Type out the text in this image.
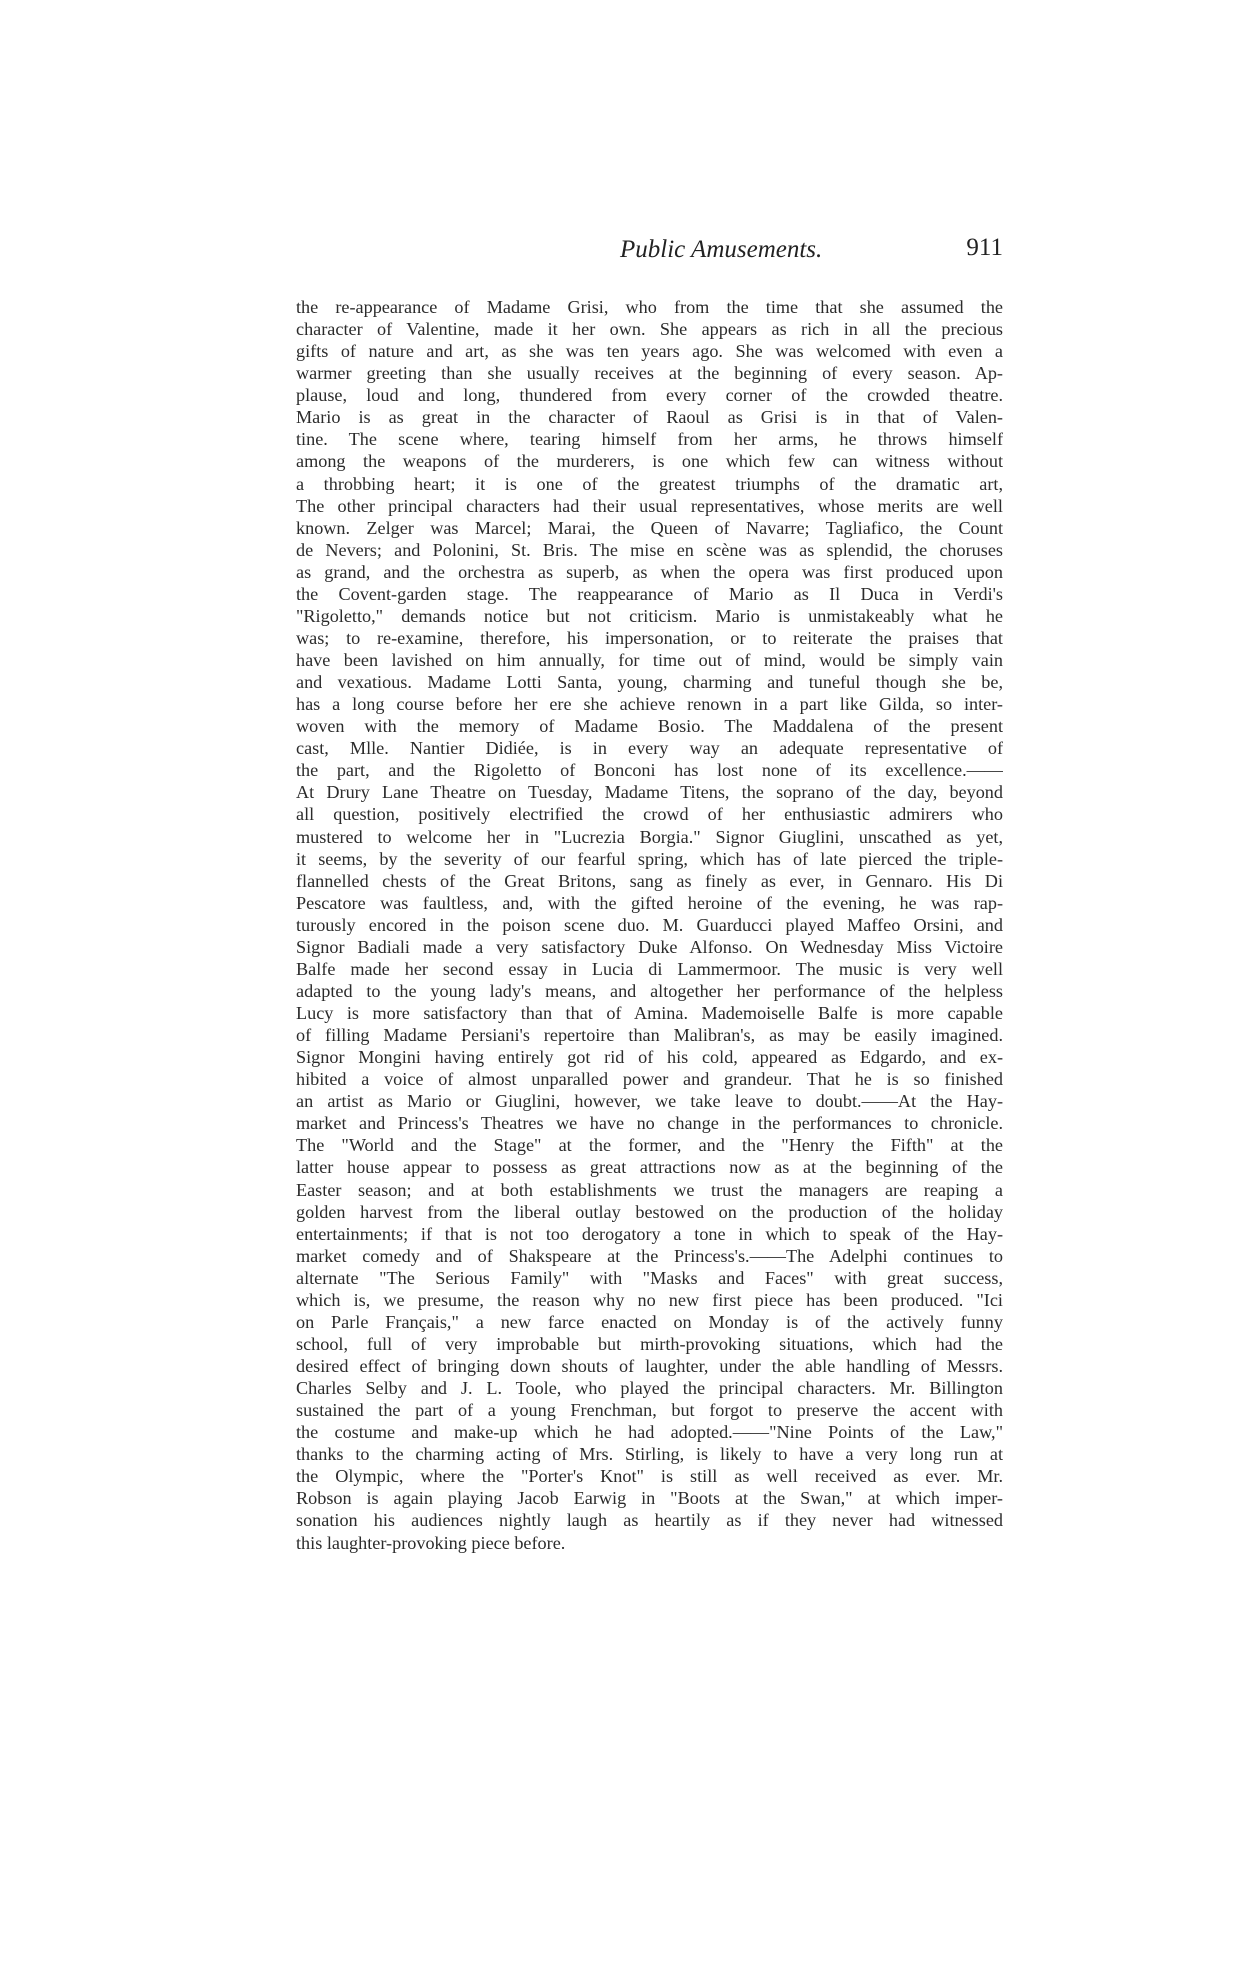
Public Amusements.	911
the re-appearance of Madame Grisi, who from the time that she assumed the
character of Valentine, made it her own. She appears as rich in all the precious
gifts of nature and art, as she was ten years ago. She was welcomed with even a
warmer greeting than she usually receives at the beginning of every season. Ap-
plause, loud and long, thundered from every corner of the crowded theatre.
Mario is as great in the character of Raoul as Grisi is in that of Valen-
tine. The scene where, tearing himself from her arms, he throws himself
among the weapons of the murderers, is one which few can witness without
a throbbing heart; it is one of the greatest triumphs of the dramatic art,
The other principal characters had their usual representatives, whose merits are well
known. Zelger was Marcel; Marai, the Queen of Navarre; Tagliafico, the Count
de Nevers; and Polonini, St. Bris. The mise en scène was as splendid, the choruses
as grand, and the orchestra as superb, as when the opera was first produced upon
the Covent-garden stage. The reappearance of Mario as Il Duca in Verdi's
"Rigoletto," demands notice but not criticism. Mario is unmistakeably what he
was; to re-examine, therefore, his impersonation, or to reiterate the praises that
have been lavished on him annually, for time out of mind, would be simply vain
and vexatious. Madame Lotti Santa, young, charming and tuneful though she be,
has a long course before her ere she achieve renown in a part like Gilda, so inter-
woven with the memory of Madame Bosio. The Maddalena of the present
cast, Mlle. Nantier Didiée, is in every way an adequate representative of
the part, and the Rigoletto of Bonconi has lost none of its excellence.——
At Drury Lane Theatre on Tuesday, Madame Titens, the soprano of the day, beyond
all question, positively electrified the crowd of her enthusiastic admirers who
mustered to welcome her in "Lucrezia Borgia." Signor Giuglini, unscathed as yet,
it seems, by the severity of our fearful spring, which has of late pierced the triple-
flannelled chests of the Great Britons, sang as finely as ever, in Gennaro. His Di
Pescatore was faultless, and, with the gifted heroine of the evening, he was rap-
turously encored in the poison scene duo. M. Guarducci played Maffeo Orsini, and
Signor Badiali made a very satisfactory Duke Alfonso. On Wednesday Miss Victoire
Balfe made her second essay in Lucia di Lammermoor. The music is very well
adapted to the young lady's means, and altogether her performance of the helpless
Lucy is more satisfactory than that of Amina. Mademoiselle Balfe is more capable
of filling Madame Persiani's repertoire than Malibran's, as may be easily imagined.
Signor Mongini having entirely got rid of his cold, appeared as Edgardo, and ex-
hibited a voice of almost unparalled power and grandeur. That he is so finished
an artist as Mario or Giuglini, however, we take leave to doubt.——At the Hay-
market and Princess's Theatres we have no change in the performances to chronicle.
The "World and the Stage" at the former, and the "Henry the Fifth" at the
latter house appear to possess as great attractions now as at the beginning of the
Easter season; and at both establishments we trust the managers are reaping a
golden harvest from the liberal outlay bestowed on the production of the holiday
entertainments; if that is not too derogatory a tone in which to speak of the Hay-
market comedy and of Shakspeare at the Princess's.——The Adelphi continues to
alternate "The Serious Family" with "Masks and Faces" with great success,
which is, we presume, the reason why no new first piece has been produced. "Ici
on Parle Français," a new farce enacted on Monday is of the actively funny
school, full of very improbable but mirth-provoking situations, which had the
desired effect of bringing down shouts of laughter, under the able handling of Messrs.
Charles Selby and J. L. Toole, who played the principal characters. Mr. Billington
sustained the part of a young Frenchman, but forgot to preserve the accent with
the costume and make-up which he had adopted.——"Nine Points of the Law,"
thanks to the charming acting of Mrs. Stirling, is likely to have a very long run at
the Olympic, where the "Porter's Knot" is still as well received as ever. Mr.
Robson is again playing Jacob Earwig in "Boots at the Swan," at which imper-
sonation his audiences nightly laugh as heartily as if they never had witnessed
this laughter-provoking piece before.
